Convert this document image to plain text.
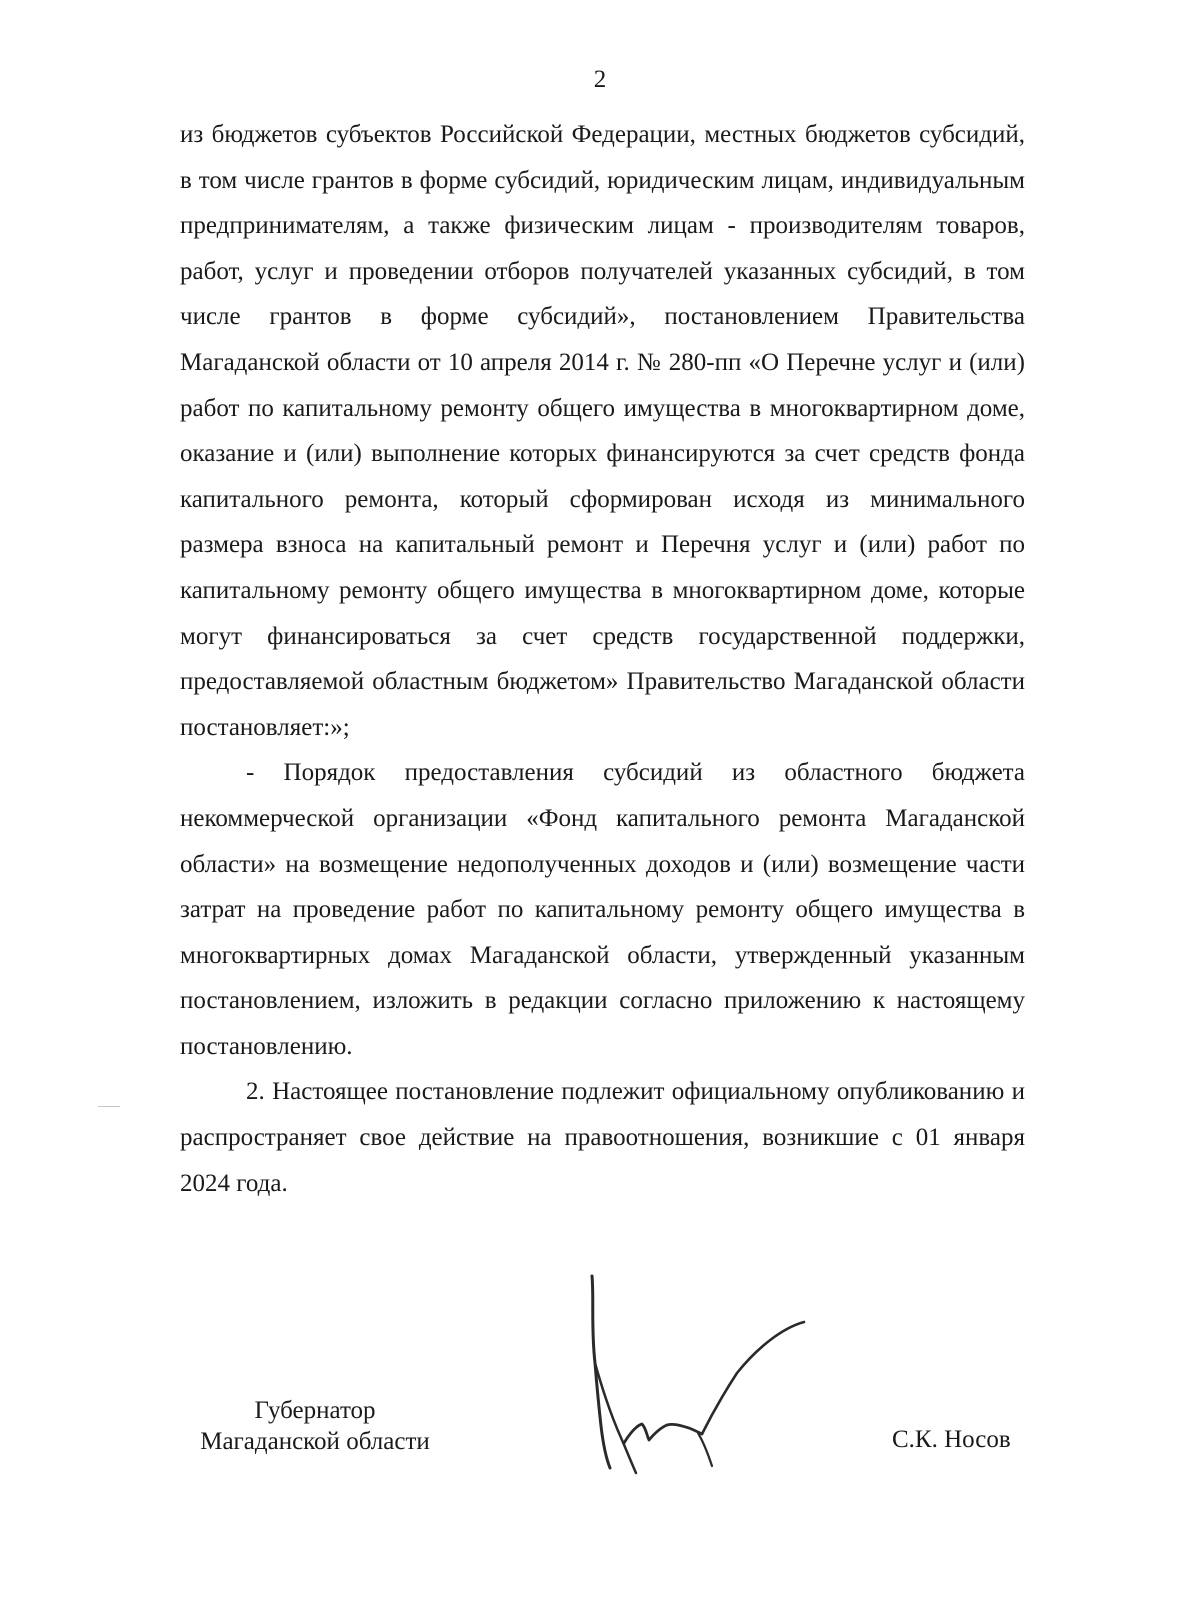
2

из бюджетов субъектов Российской Федерации, местных бюджетов субсидий, в том числе грантов в форме субсидий, юридическим лицам, индивидуальным предпринимателям, а также физическим лицам - производителям товаров, работ, услуг и проведении отборов получателей указанных субсидий, в том числе грантов в форме субсидий», постановлением Правительства Магаданской области от 10 апреля 2014 г. № 280-пп «О Перечне услуг и (или) работ по капитальному ремонту общего имущества в многоквартирном доме, оказание и (или) выполнение которых финансируются за счет средств фонда капитального ремонта, который сформирован исходя из минимального размера взноса на капитальный ремонт и Перечня услуг и (или) работ по капитальному ремонту общего имущества в многоквартирном доме, которые могут финансироваться за счет средств государственной поддержки, предоставляемой областным бюджетом» Правительство Магаданской области постановляет:»;

- Порядок предоставления субсидий из областного бюджета некоммерческой организации «Фонд капитального ремонта Магаданской области» на возмещение недополученных доходов и (или) возмещение части затрат на проведение работ по капитальному ремонту общего имущества в многоквартирных домах Магаданской области, утвержденный указанным постановлением, изложить в редакции согласно приложению к настоящему постановлению.

2. Настоящее постановление подлежит официальному опубликованию и распространяет свое действие на правоотношения, возникшие с 01 января 2024 года.

Губернатор
Магаданской области	С.К. Носов
